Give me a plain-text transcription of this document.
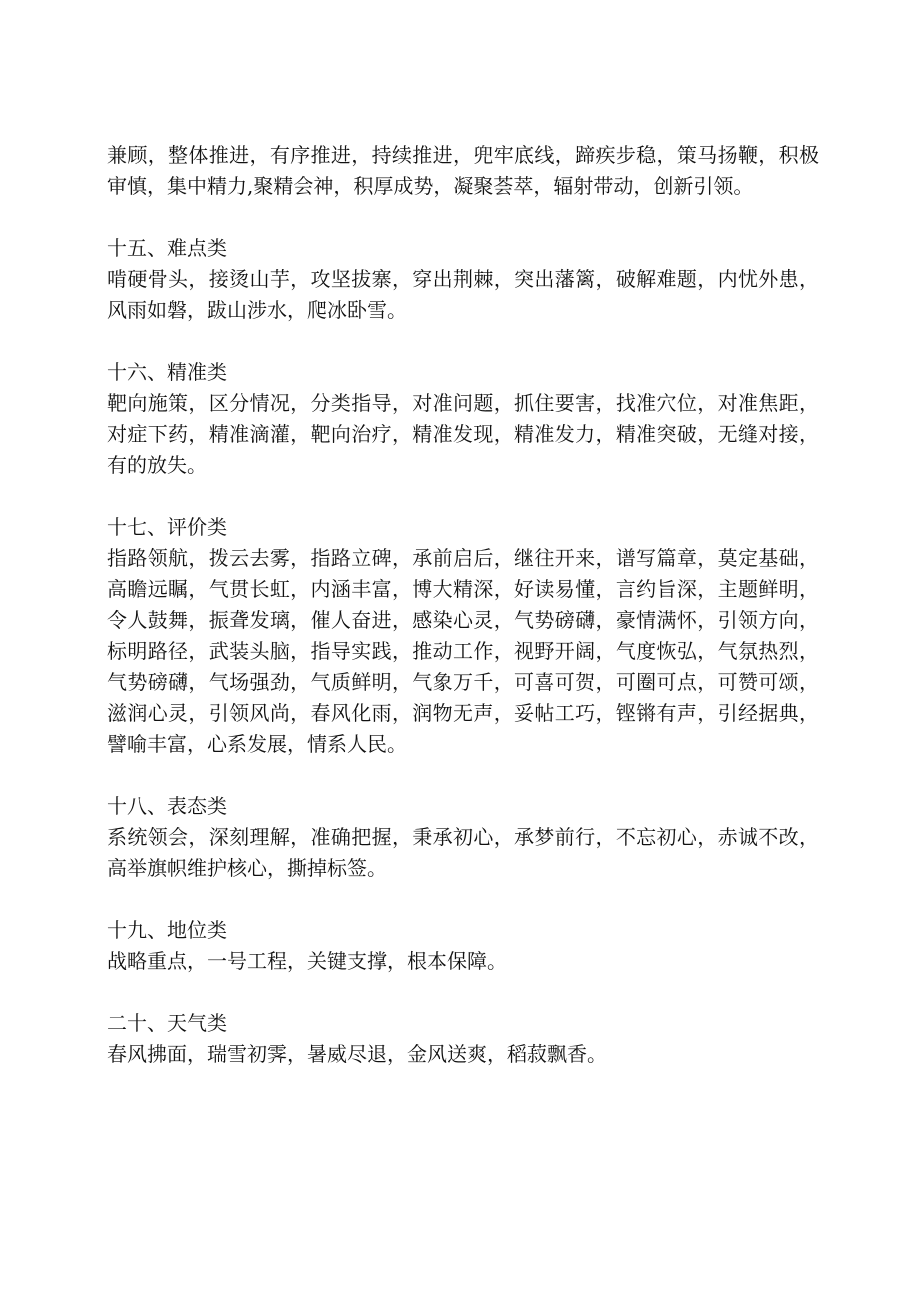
兼顾，整体推进，有序推进，持续推进，兜牢底线，蹄疾步稳，策马扬鞭，积极审慎，集中精力,聚精会神，积厚成势，凝聚荟萃，辐射带动，创新引领。

十五、难点类

啃硬骨头，接烫山芋，攻坚拔寨，穿出荆棘，突出藩篱，破解难题，内忧外患，风雨如磐，跋山涉水，爬冰卧雪。

十六、精准类

靶向施策，区分情况，分类指导，对准问题，抓住要害，找准穴位，对准焦距，对症下药，精准滴灌，靶向治疗，精准发现，精准发力，精准突破，无缝对接，有的放失。

十七、评价类

指路领航，拨云去雾，指路立碑，承前启后，继往开来，谱写篇章，莫定基础，高瞻远瞩，气贯长虹，内涵丰富，博大精深，好读易懂，言约旨深，主题鲜明，令人鼓舞，振聋发璃，催人奋进，感染心灵，气势磅礴，豪情满怀，引领方向，标明路径，武装头脑，指导实践，推动工作，视野开阔，气度恢弘，气氛热烈，气势磅礴，气场强劲，气质鲜明，气象万千，可喜可贺，可圈可点，可赞可颂，滋润心灵，引领风尚，春风化雨，润物无声，妥帖工巧，铿锵有声，引经据典，譬喻丰富，心系发展，情系人民。

十八、表态类

系统领会，深刻理解，准确把握，秉承初心，承梦前行，不忘初心，赤诚不改，高举旗帜维护核心，撕掉标签。

十九、地位类

战略重点，一号工程，关键支撑，根本保障。

二十、天气类

春风拂面，瑞雪初霁，暑威尽退，金风送爽，稻菽飘香。
